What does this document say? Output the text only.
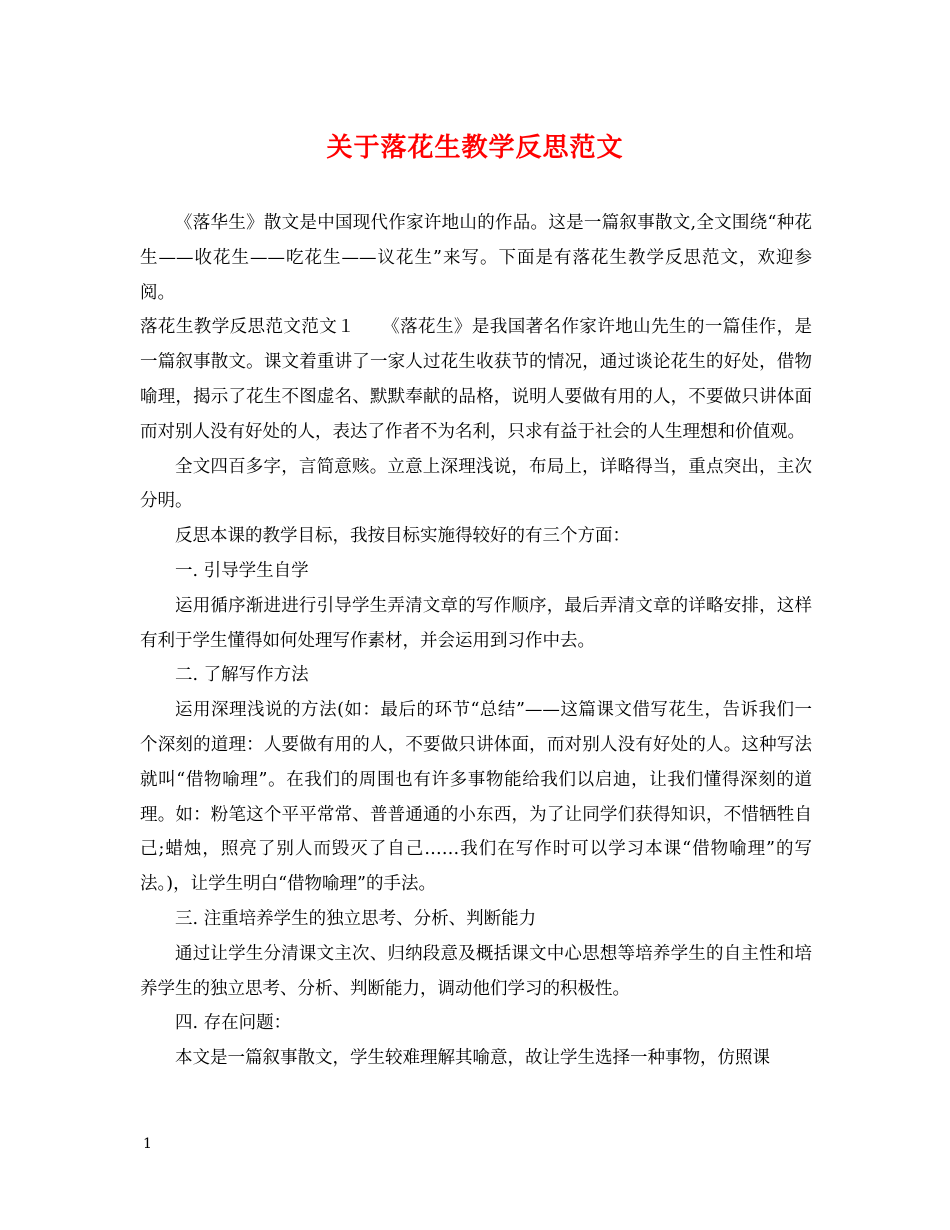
关于落花生教学反思范文

《落华生》散文是中国现代作家许地山的作品。这是一篇叙事散文,全文围绕“种花生——收花生——吃花生——议花生”来写。下面是有落花生教学反思范文，欢迎参阅。

落花生教学反思范文范文１　　《落花生》是我国著名作家许地山先生的一篇佳作，是一篇叙事散文。课文着重讲了一家人过花生收获节的情况，通过谈论花生的好处，借物喻理，揭示了花生不图虚名、默默奉献的品格，说明人要做有用的人，不要做只讲体面而对别人没有好处的人，表达了作者不为名利，只求有益于社会的人生理想和价值观。

全文四百多字，言简意赅。立意上深理浅说，布局上，详略得当，重点突出，主次分明。

反思本课的教学目标，我按目标实施得较好的有三个方面：

一. 引导学生自学

运用循序渐进进行引导学生弄清文章的写作顺序，最后弄清文章的详略安排，这样有利于学生懂得如何处理写作素材，并会运用到习作中去。

二. 了解写作方法

运用深理浅说的方法(如：最后的环节“总结”——这篇课文借写花生，告诉我们一个深刻的道理：人要做有用的人，不要做只讲体面，而对别人没有好处的人。这种写法就叫“借物喻理”。在我们的周围也有许多事物能给我们以启迪，让我们懂得深刻的道理。如：粉笔这个平平常常、普普通通的小东西，为了让同学们获得知识，不惜牺牲自己;蜡烛，照亮了别人而毁灭了自己……我们在写作时可以学习本课“借物喻理”的写法。)，让学生明白“借物喻理”的手法。

三. 注重培养学生的独立思考、分析、判断能力

通过让学生分清课文主次、归纳段意及概括课文中心思想等培养学生的自主性和培养学生的独立思考、分析、判断能力，调动他们学习的积极性。

四. 存在问题：

本文是一篇叙事散文，学生较难理解其喻意，故让学生选择一种事物，仿照课

1
